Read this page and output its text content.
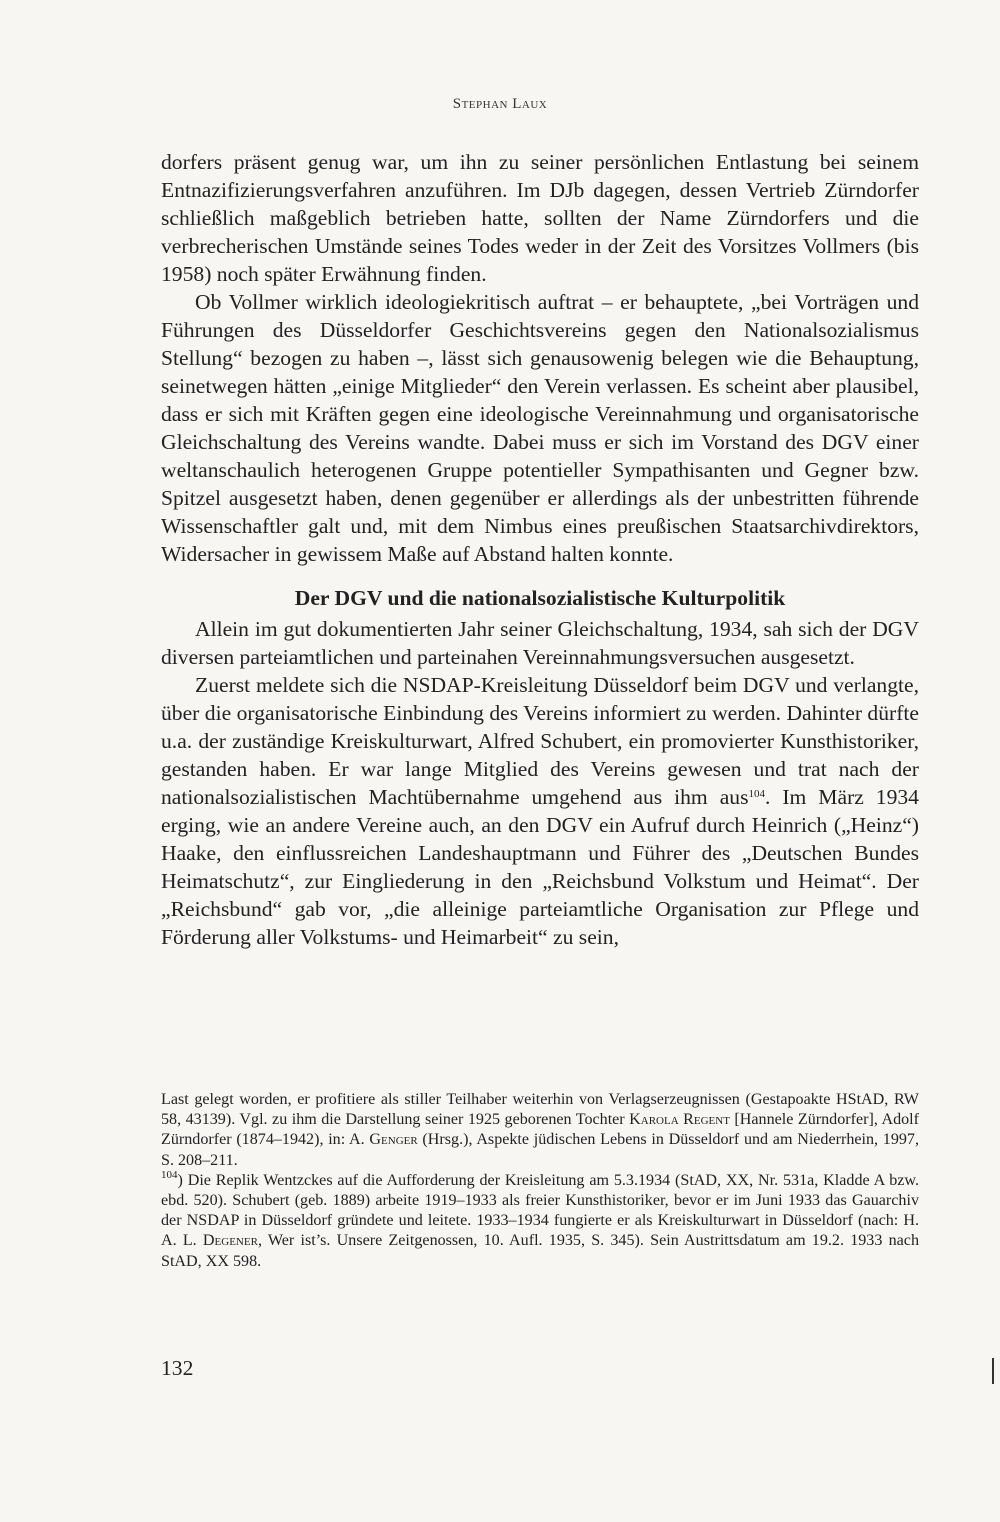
Stephan Laux

dorfers präsent genug war, um ihn zu seiner persönlichen Entlastung bei seinem Entnazifizierungsverfahren anzuführen. Im DJb dagegen, dessen Vertrieb Zürndorfer schließlich maßgeblich betrieben hatte, sollten der Name Zürndorfers und die verbrecherischen Umstände seines Todes weder in der Zeit des Vorsitzes Vollmers (bis 1958) noch später Erwähnung finden.

Ob Vollmer wirklich ideologiekritisch auftrat – er behauptete, „bei Vorträgen und Führungen des Düsseldorfer Geschichtsvereins gegen den Nationalsozialismus Stellung“ bezogen zu haben –, lässt sich genausowenig belegen wie die Behauptung, seinetwegen hätten „einige Mitglieder“ den Verein verlassen. Es scheint aber plausibel, dass er sich mit Kräften gegen eine ideologische Vereinnahmung und organisatorische Gleichschaltung des Vereins wandte. Dabei muss er sich im Vorstand des DGV einer weltanschaulich heterogenen Gruppe potentieller Sympathisanten und Gegner bzw. Spitzel ausgesetzt haben, denen gegenüber er allerdings als der unbestritten führende Wissenschaftler galt und, mit dem Nimbus eines preußischen Staatsarchivdirektors, Widersacher in gewissem Maße auf Abstand halten konnte.

Der DGV und die nationalsozialistische Kulturpolitik

Allein im gut dokumentierten Jahr seiner Gleichschaltung, 1934, sah sich der DGV diversen parteiamtlichen und parteinahen Vereinnahmungsversuchen ausgesetzt.

Zuerst meldete sich die NSDAP-Kreisleitung Düsseldorf beim DGV und verlangte, über die organisatorische Einbindung des Vereins informiert zu werden. Dahinter dürfte u.a. der zuständige Kreiskulturwart, Alfred Schubert, ein promovierter Kunsthistoriker, gestanden haben. Er war lange Mitglied des Vereins gewesen und trat nach der nationalsozialistischen Machtübernahme umgehend aus ihm aus$^{104}$. Im März 1934 erging, wie an andere Vereine auch, an den DGV ein Aufruf durch Heinrich („Heinz“) Haake, den einflussreichen Landeshauptmann und Führer des „Deutschen Bundes Heimatschutz“, zur Eingliederung in den „Reichsbund Volkstum und Heimat“. Der „Reichsbund“ gab vor, „die alleinige parteiamtliche Organisation zur Pflege und Förderung aller Volkstums- und Heimarbeit“ zu sein,

Last gelegt worden, er profitiere als stiller Teilhaber weiterhin von Verlagserzeugnissen (Gestapoakte HStAD, RW 58, 43139). Vgl. zu ihm die Darstellung seiner 1925 geborenen Tochter Karola Regent [Hannele Zürndorfer], Adolf Zürndorfer (1874–1942), in: A. Genger (Hrsg.), Aspekte jüdischen Lebens in Düsseldorf und am Niederrhein, 1997, S. 208–211.

$^{104}$) Die Replik Wentzckes auf die Aufforderung der Kreisleitung am 5.3.1934 (StAD, XX, Nr. 531a, Kladde A bzw. ebd. 520). Schubert (geb. 1889) arbeite 1919–1933 als freier Kunsthistoriker, bevor er im Juni 1933 das Gauarchiv der NSDAP in Düsseldorf gründete und leitete. 1933–1934 fungierte er als Kreiskulturwart in Düsseldorf (nach: H. A. L. Degener, Wer ist’s. Unsere Zeitgenossen, 10. Aufl. 1935, S. 345). Sein Austrittsdatum am 19.2. 1933 nach StAD, XX 598.

132
